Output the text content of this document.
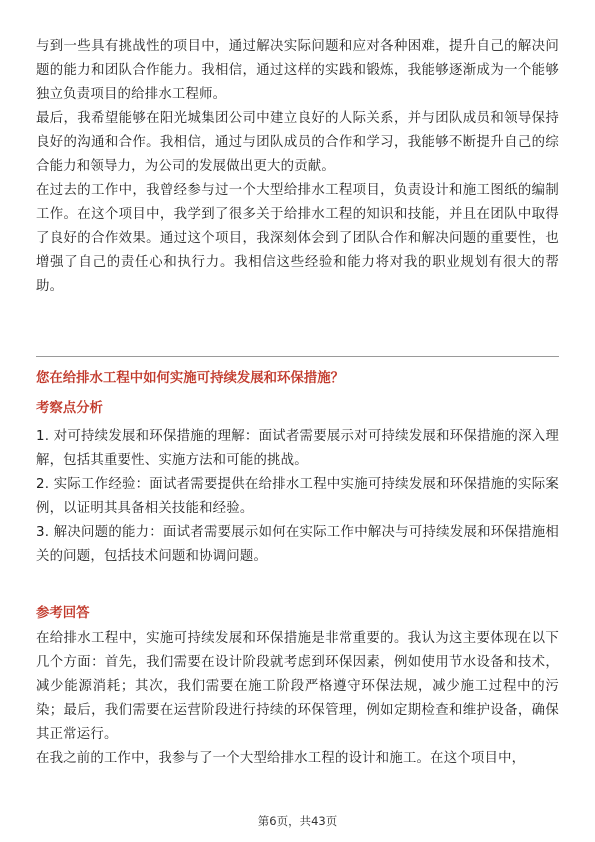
与到一些具有挑战性的项目中，通过解决实际问题和应对各种困难，提升自己的解决问题的能力和团队合作能力。我相信，通过这样的实践和锻炼，我能够逐渐成为一个能够独立负责项目的给排水工程师。

最后，我希望能够在阳光城集团公司中建立良好的人际关系，并与团队成员和领导保持良好的沟通和合作。我相信，通过与团队成员的合作和学习，我能够不断提升自己的综合能力和领导力，为公司的发展做出更大的贡献。

在过去的工作中，我曾经参与过一个大型给排水工程项目，负责设计和施工图纸的编制工作。在这个项目中，我学到了很多关于给排水工程的知识和技能，并且在团队中取得了良好的合作效果。通过这个项目，我深刻体会到了团队合作和解决问题的重要性，也增强了自己的责任心和执行力。我相信这些经验和能力将对我的职业规划有很大的帮助。

您在给排水工程中如何实施可持续发展和环保措施？

考察点分析

1. 对可持续发展和环保措施的理解：面试者需要展示对可持续发展和环保措施的深入理解，包括其重要性、实施方法和可能的挑战。

2. 实际工作经验：面试者需要提供在给排水工程中实施可持续发展和环保措施的实际案例，以证明其具备相关技能和经验。

3. 解决问题的能力：面试者需要展示如何在实际工作中解决与可持续发展和环保措施相关的问题，包括技术问题和协调问题。

参考回答

在给排水工程中，实施可持续发展和环保措施是非常重要的。我认为这主要体现在以下几个方面：首先，我们需要在设计阶段就考虑到环保因素，例如使用节水设备和技术，减少能源消耗；其次，我们需要在施工阶段严格遵守环保法规，减少施工过程中的污染；最后，我们需要在运营阶段进行持续的环保管理，例如定期检查和维护设备，确保其正常运行。

在我之前的工作中，我参与了一个大型给排水工程的设计和施工。在这个项目中，

第6页，共43页
